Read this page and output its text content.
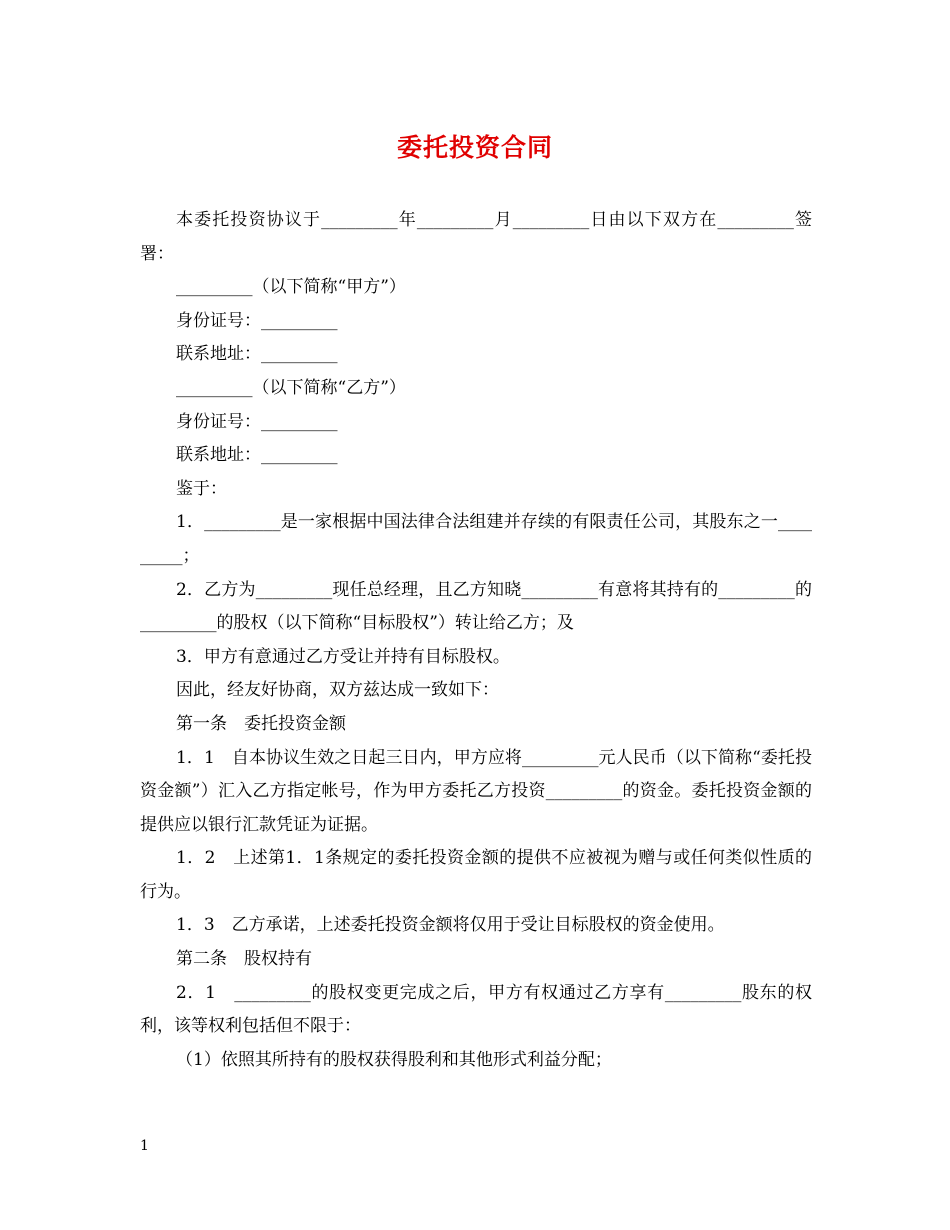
委托投资合同

本委托投资协议于_________年_________月_________日由以下双方在_________签署：

_________（以下简称“甲方”）

身份证号：_________

联系地址：_________

_________（以下简称“乙方”）

身份证号：_________

联系地址：_________

鉴于：

1．_________是一家根据中国法律合法组建并存续的有限责任公司，其股东之一_________；

2．乙方为_________现任总经理，且乙方知晓_________有意将其持有的_________的_________的股权（以下简称“目标股权”）转让给乙方；及

3．甲方有意通过乙方受让并持有目标股权。

因此，经友好协商，双方兹达成一致如下：

第一条　委托投资金额

1．1　自本协议生效之日起三日内，甲方应将_________元人民币（以下简称“委托投资金额”）汇入乙方指定帐号，作为甲方委托乙方投资_________的资金。委托投资金额的提供应以银行汇款凭证为证据。

1．2　上述第1．1条规定的委托投资金额的提供不应被视为赠与或任何类似性质的行为。

1．3　乙方承诺，上述委托投资金额将仅用于受让目标股权的资金使用。

第二条　股权持有

2．1　_________的股权变更完成之后，甲方有权通过乙方享有_________股东的权利，该等权利包括但不限于：

（1）依照其所持有的股权获得股利和其他形式利益分配；

1
